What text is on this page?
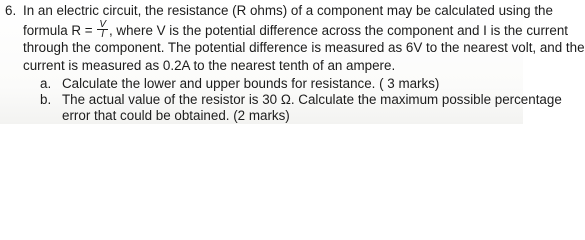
6. In an electric circuit, the resistance (R ohms) of a component may be calculated using the
formula $R = \frac{V}{I}$ , where V is the potential difference across the component and I is the current
through the component. The potential difference is measured as 6V to the nearest volt, and the
current is measured as 0.2A to the nearest tenth of an ampere.
a. Calculate the lower and upper bounds for resistance. ( 3 marks)
b. The actual value of the resistor is 30 Ω. Calculate the maximum possible percentage
error that could be obtained. (2 marks)
